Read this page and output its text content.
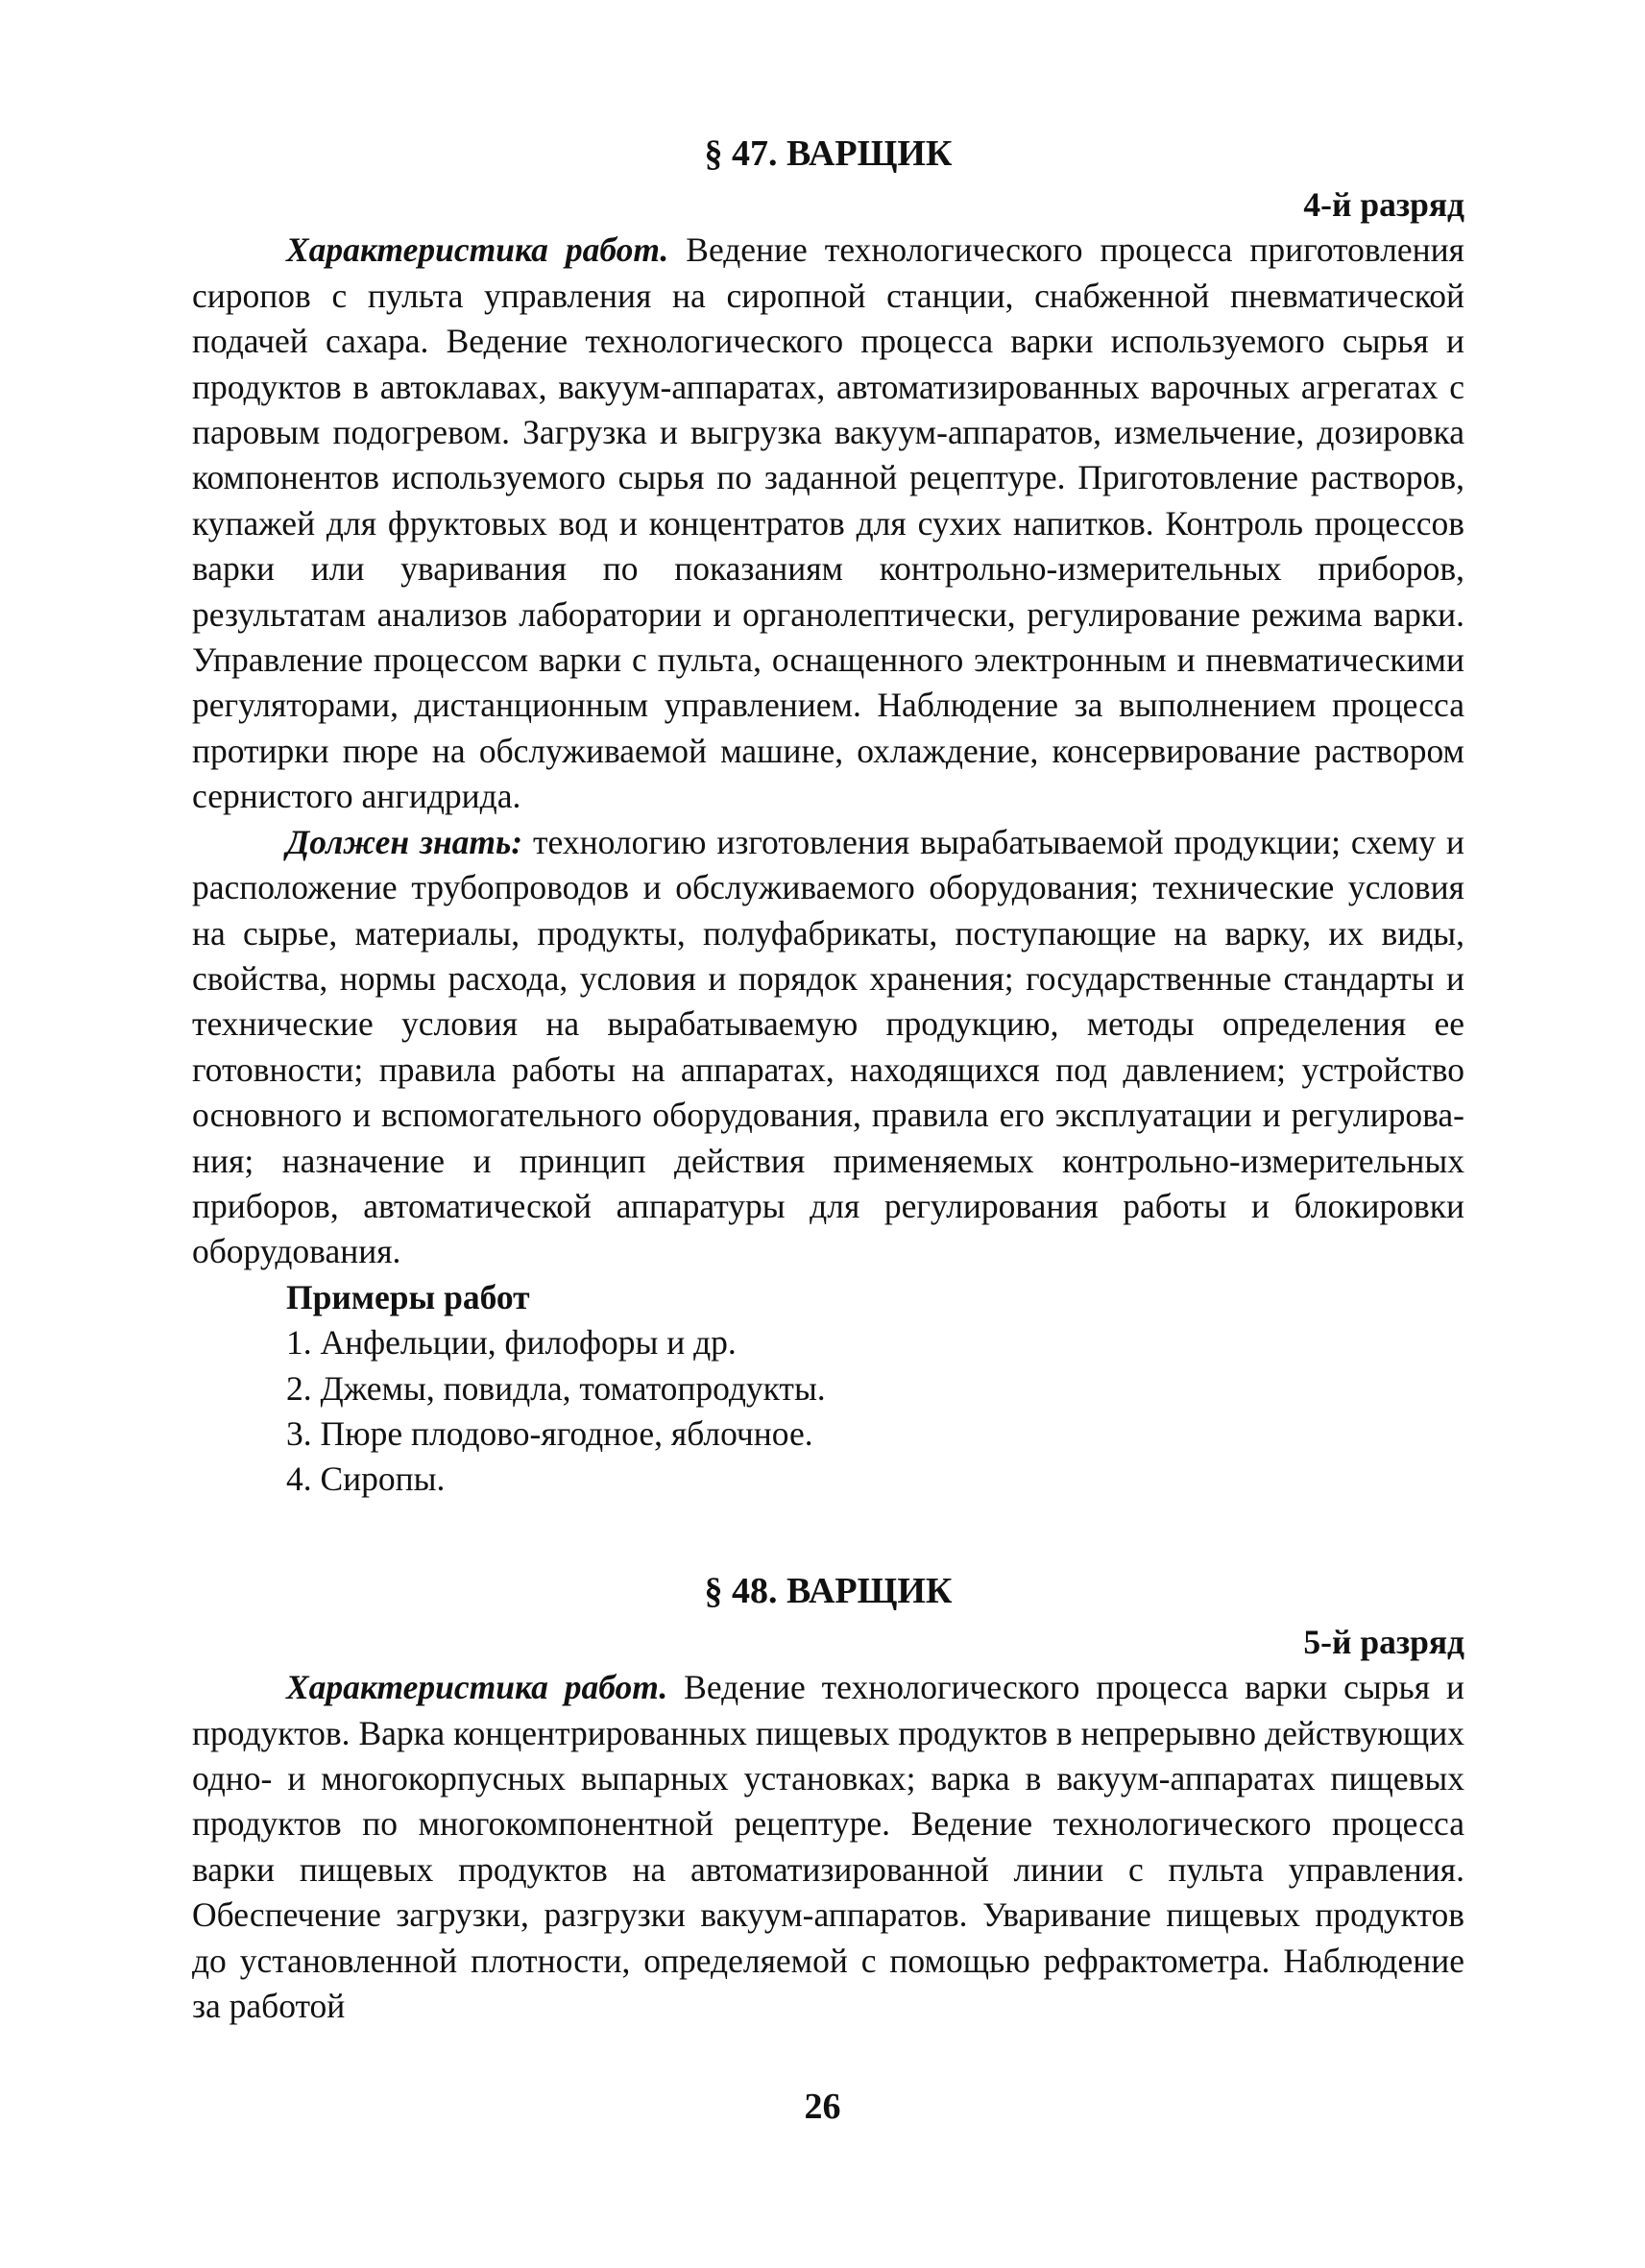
§ 47. ВАРЩИК
4-й разряд

Характеристика работ. Ведение технологического процесса приготовления сиропов с пульта управления на сиропной станции, снабженной пневматической подачей сахара. Ведение технологического процесса варки используемого сырья и продуктов в автоклавах, вакуум-аппаратах, автоматизированных варочных агрегатах с паровым подогревом. Загрузка и выгрузка вакуум-аппаратов, измельчение, дозировка компонентов используемого сырья по заданной рецептуре. Приготовление растворов, купажей для фруктовых вод и концентратов для сухих напитков. Контроль процессов варки или уваривания по показаниям контрольно-измерительных приборов, результатам анализов лаборатории и органолептически, регулирование режима варки. Управление процессом варки с пульта, оснащенного электронным и пневматическими регуляторами, дистанционным управлением. Наблюдение за выполнением процесса протирки пюре на обслуживаемой машине, охлаждение, консервирование раствором сернистого ангидрида.

Должен знать: технологию изготовления вырабатываемой продукции; схему и расположение трубопроводов и обслуживаемого оборудования; технические условия на сырье, материалы, продукты, полуфабрикаты, поступающие на варку, их виды, свойства, нормы расхода, условия и порядок хранения; государственные стандарты и технические условия на вырабатываемую продукцию, методы определения ее готовности; правила работы на аппаратах, находящихся под давлением; устройство основного и вспомогательного оборудования, правила его эксплуатации и регулирования; назначение и принцип действия применяемых контрольно-измерительных приборов, автоматической аппаратуры для регулирования работы и блокировки оборудования.

Примеры работ
1. Анфельции, филофоры и др.
2. Джемы, повидла, томатопродукты.
3. Пюре плодово-ягодное, яблочное.
4. Сиропы.
§ 48. ВАРЩИК
5-й разряд

Характеристика работ. Ведение технологического процесса варки сырья и продуктов. Варка концентрированных пищевых продуктов в непрерывно действующих одно- и многокорпусных выпарных установках; варка в вакуум-аппаратах пищевых продуктов по многокомпонентной рецептуре. Ведение технологического процесса варки пищевых продуктов на автоматизированной линии с пульта управления. Обеспечение загрузки, разгрузки вакуум-аппаратов. Уваривание пищевых продуктов до установленной плотности, определяемой с помощью рефрактометра. Наблюдение за работой

26
